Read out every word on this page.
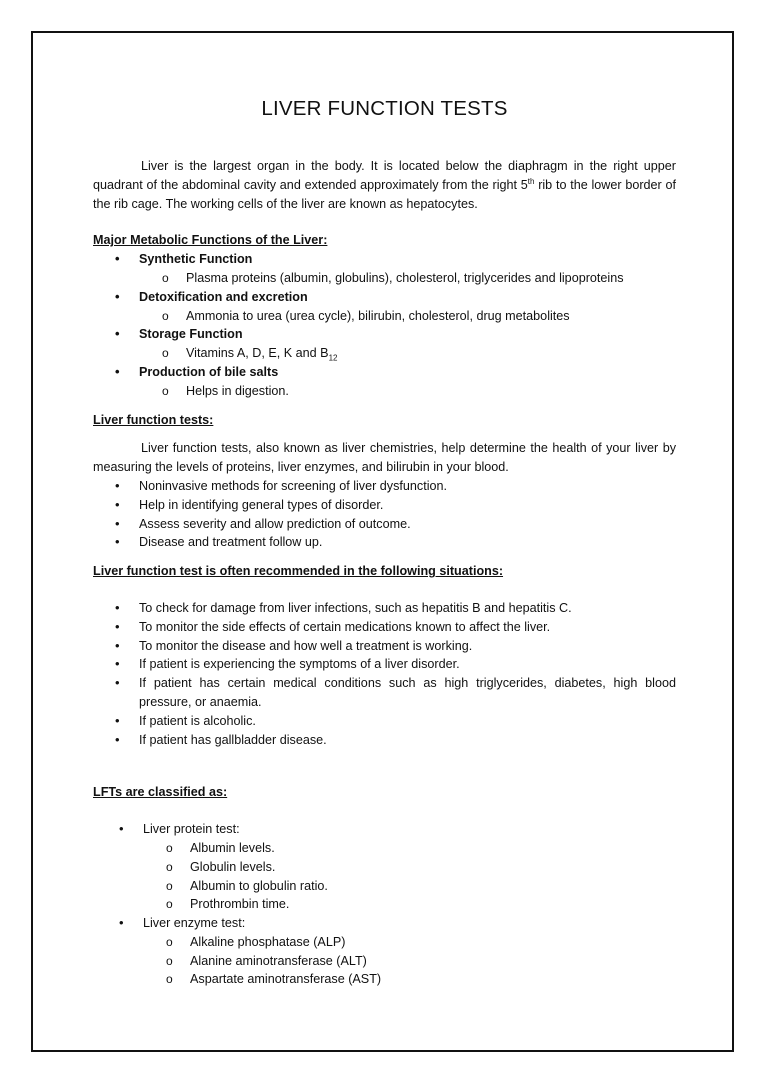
LIVER FUNCTION TESTS

Liver is the largest organ in the body. It is located below the diaphragm in the right upper quadrant of the abdominal cavity and extended approximately from the right 5th rib to the lower border of the rib cage. The working cells of the liver are known as hepatocytes.

Major Metabolic Functions of the Liver:
• Synthetic Function
o Plasma proteins (albumin, globulins), cholesterol, triglycerides and lipoproteins
• Detoxification and excretion
o Ammonia to urea (urea cycle), bilirubin, cholesterol, drug metabolites
• Storage Function
o Vitamins A, D, E, K and $B_{12}$
• Production of bile salts
o Helps in digestion.
Liver function tests:

Liver function tests, also known as liver chemistries, help determine the health of your liver by measuring the levels of proteins, liver enzymes, and bilirubin in your blood.

• Noninvasive methods for screening of liver dysfunction.
• Help in identifying general types of disorder.
• Assess severity and allow prediction of outcome.
• Disease and treatment follow up.
Liver function test is often recommended in the following situations:
• To check for damage from liver infections, such as hepatitis B and hepatitis C.
• To monitor the side effects of certain medications known to affect the liver.
• To monitor the disease and how well a treatment is working.
• If patient is experiencing the symptoms of a liver disorder.
• If patient has certain medical conditions such as high triglycerides, diabetes, high blood pressure, or anaemia.
• If patient is alcoholic.
• If patient has gallbladder disease.
LFTs are classified as:
• Liver protein test:
o Albumin levels.
o Globulin levels.
o Albumin to globulin ratio.
o Prothrombin time.
• Liver enzyme test:
o Alkaline phosphatase (ALP)
o Alanine aminotransferase (ALT)
o Aspartate aminotransferase (AST)
